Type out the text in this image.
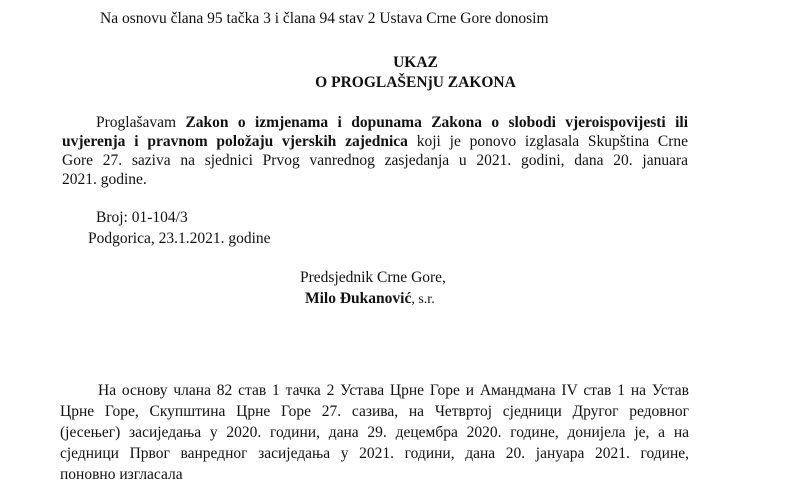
Na osnovu člana 95 tačka 3 i člana 94 stav 2 Ustava Crne Gore donosim
UKAZ
O PROGLAŠENjU ZAKONA
Proglašavam Zakon o izmjenama i dopunama Zakona o slobodi vjeroispovijesti ili
uvjerenja i pravnom položaju vjerskih zajednica koji je ponovo izglasala Skupština Crne
Gore 27. saziva na sjednici Prvog vanrednog zasjedanja u 2021. godini, dana 20. januara
2021. godine.
Broj: 01-104/3
Podgorica, 23.1.2021. godine
Predsjednik Crne Gore,
Milo Đukanović, s.r.
На основу члана 82 став 1 тачка 2 Устава Црне Горе и Амандмана IV став 1 на Устав
Црне Горе, Скупштина Црне Горе 27. сазива, на Четвртој сједници Другог редовног
(јесењег) засиједања у 2020. години, дана 29. децембра 2020. године, донијела је, а на
сједници Првог ванредног засиједања у 2021. години, дана 20. јануара 2021. године,
поновно изгласала
